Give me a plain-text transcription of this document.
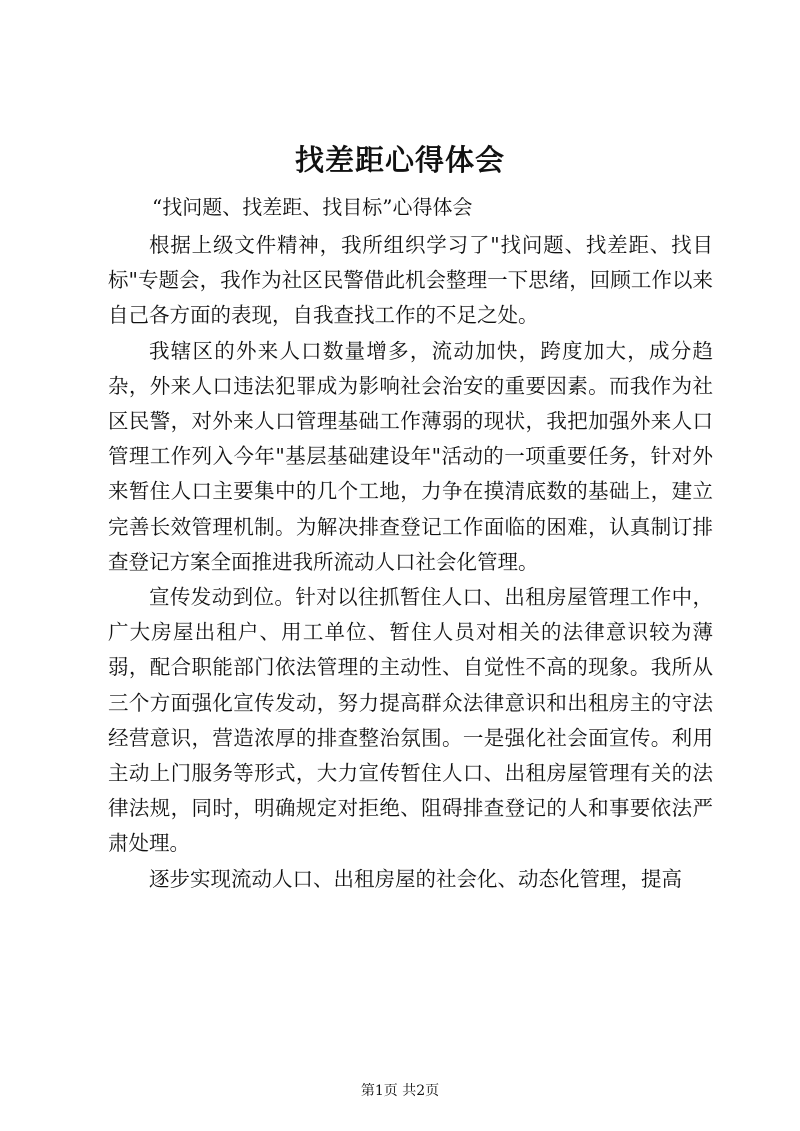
找差距心得体会
“找问题、找差距、找目标”心得体会

根据上级文件精神，我所组织学习了"找问题、找差距、找目标"专题会，我作为社区民警借此机会整理一下思绪，回顾工作以来自己各方面的表现，自我查找工作的不足之处。

我辖区的外来人口数量增多，流动加快，跨度加大，成分趋杂，外来人口违法犯罪成为影响社会治安的重要因素。而我作为社区民警，对外来人口管理基础工作薄弱的现状，我把加强外来人口管理工作列入今年"基层基础建设年"活动的一项重要任务，针对外来暂住人口主要集中的几个工地，力争在摸清底数的基础上，建立完善长效管理机制。为解决排查登记工作面临的困难，认真制订排查登记方案全面推进我所流动人口社会化管理。

宣传发动到位。针对以往抓暂住人口、出租房屋管理工作中，广大房屋出租户、用工单位、暂住人员对相关的法律意识较为薄弱，配合职能部门依法管理的主动性、自觉性不高的现象。我所从三个方面强化宣传发动，努力提高群众法律意识和出租房主的守法经营意识，营造浓厚的排查整治氛围。一是强化社会面宣传。利用主动上门服务等形式，大力宣传暂住人口、出租房屋管理有关的法律法规，同时，明确规定对拒绝、阻碍排查登记的人和事要依法严肃处理。

逐步实现流动人口、出租房屋的社会化、动态化管理，提高

第1页 共2页
